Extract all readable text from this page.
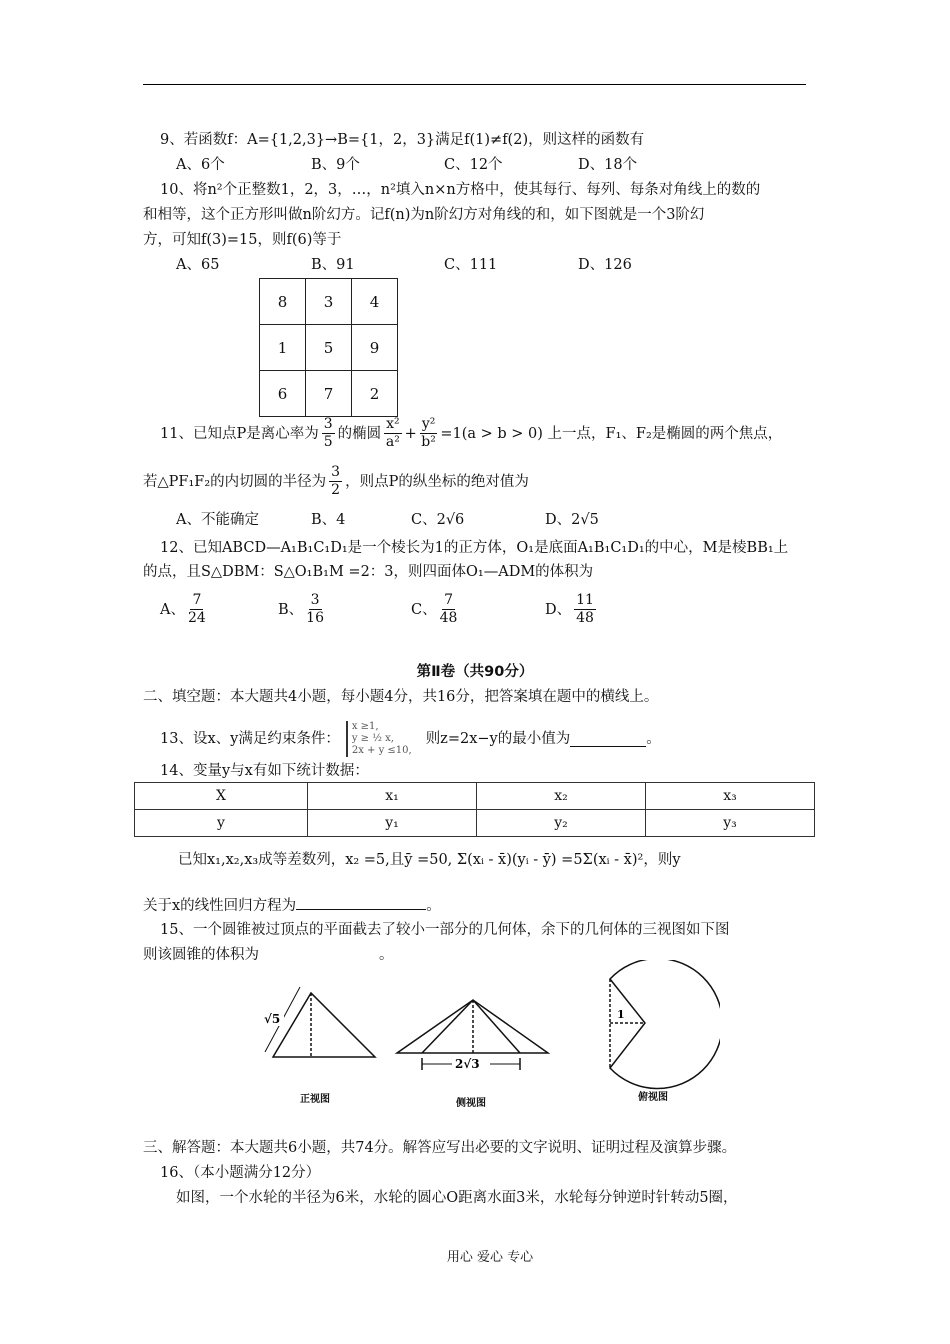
9、若函数f：A={1,2,3}→B={1，2，3}满足f(1)≠f(2)，则这样的函数有
A、6个	B、9个	C、12个	D、18个
10、将n²个正整数1，2，3，…，n²填入n×n方格中，使其每行、每列、每条对角线上的数的
和相等，这个正方形叫做n阶幻方。记f(n)为n阶幻方对角线的和，如下图就是一个3阶幻
方，可知f(3)=15，则f(6)等于
A、65	B、91	C、111	D、126
8	3	4
1	5	9
6	7	2
11、已知点P是离心率为 $\frac{3}{5}$ 的椭圆 $\frac{\text{x²}}{\text{a²}} + \frac{\text{y²}}{\text{b²}} =1(a > b > 0)$ 上一点，F₁、F₂是椭圆的两个焦点，
若△PF₁F₂的内切圆的半径为 $\frac{3}{2}$ ，则点P的纵坐标的绝对值为
A、不能确定	B、4	C、2√6	D、2√5
12、已知ABCD—A₁B₁C₁D₁是一个棱长为1的正方体，O₁是底面A₁B₁C₁D₁的中心，M是棱BB₁上
的点，且S△DBM：S△O₁B₁M =2：3，则四面体O₁—ADM的体积为
A、 $\frac{7}{24}$	B、 $\frac{3}{16}$	C、 $\frac{7}{48}$	D、 $\frac{11}{48}$
第Ⅱ卷（共90分）
二、填空题：本大题共4小题，每小题4分，共16分，把答案填在题中的横线上。
13、设x、y满足约束条件：
x ≥1,
y ≥ ½ x,
2x + y ≤10,
则z=2x−y的最小值为	。
14、变量y与x有如下统计数据：
X	x₁	x₂	x₃
y	y₁	y₂	y₃
已知x₁,x₂,x₃成等差数列，x₂ =5,且ȳ =50, Σ(xᵢ - x̄)(yᵢ - ȳ) =5Σ(xᵢ - x̄)²，则y
关于x的线性回归方程为	。
15、一个圆锥被过顶点的平面截去了较小一部分的几何体，余下的几何体的三视图如下图
则该圆锥的体积为	。
√5
2√3
1
正视图	侧视图
俯视图
三、解答题：本大题共6小题，共74分。解答应写出必要的文字说明、证明过程及演算步骤。
16、（本小题满分12分）
如图，一个水轮的半径为6米，水轮的圆心O距离水面3米，水轮每分钟逆时针转动5圈，
用心 爱心 专心
